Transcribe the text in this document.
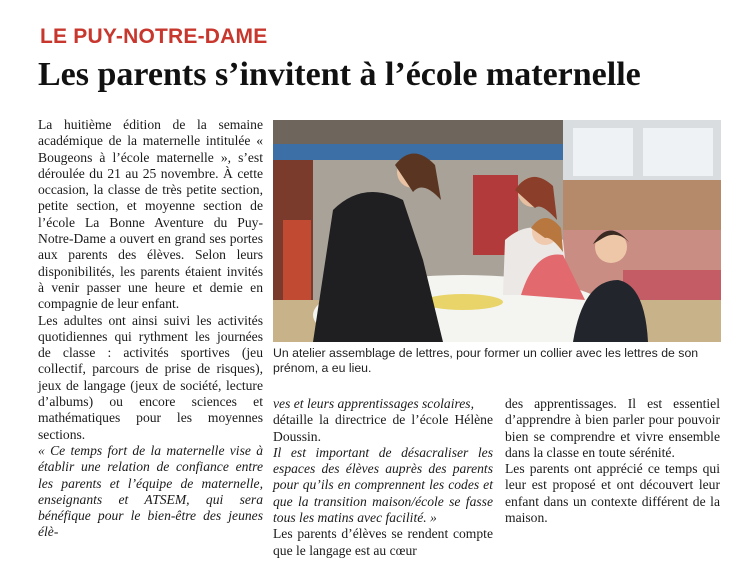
LE PUY-NOTRE-DAME
Les parents s’invitent à l’école maternelle

La huitième édition de la semaine académique de la maternelle intitulée « Bougeons à l’école maternelle », s’est déroulée du 21 au 25 novembre. À cette occasion, la classe de très petite section, petite section, et moyenne section de l’école La Bonne Aventure du Puy-Notre-Dame a ouvert en grand ses portes aux parents des élèves. Selon leurs disponibilités, les parents étaient invités à venir passer une heure et demie en compagnie de leur enfant.

Les adultes ont ainsi suivi les activités quotidiennes qui rythment les journées de classe : activités sportives (jeu collectif, parcours de prise de risques), jeux de langage (jeux de société, lecture d’albums) ou encore sciences et mathématiques pour les moyennes sections.

« Ce temps fort de la maternelle vise à établir une relation de confiance entre les parents et l’équipe de maternelle, enseignants et ATSEM, qui sera bénéfique pour le bien-être des jeunes élè-

Un atelier assemblage de lettres, pour former un collier avec les lettres de son prénom, a eu lieu.

ves et leurs apprentissages scolaires,

détaille la directrice de l’école Hélène Doussin.

Il est important de désacraliser les espaces des élèves auprès des parents pour qu’ils en comprennent les codes et que la transition maison/école se fasse tous les matins avec facilité. »

Les parents d’élèves se rendent compte que le langage est au cœur

des apprentissages. Il est essentiel d’apprendre à bien parler pour pouvoir bien se comprendre et vivre ensemble dans la classe en toute sérénité.

Les parents ont apprécié ce temps qui leur est proposé et ont découvert leur enfant dans un contexte différent de la maison.
